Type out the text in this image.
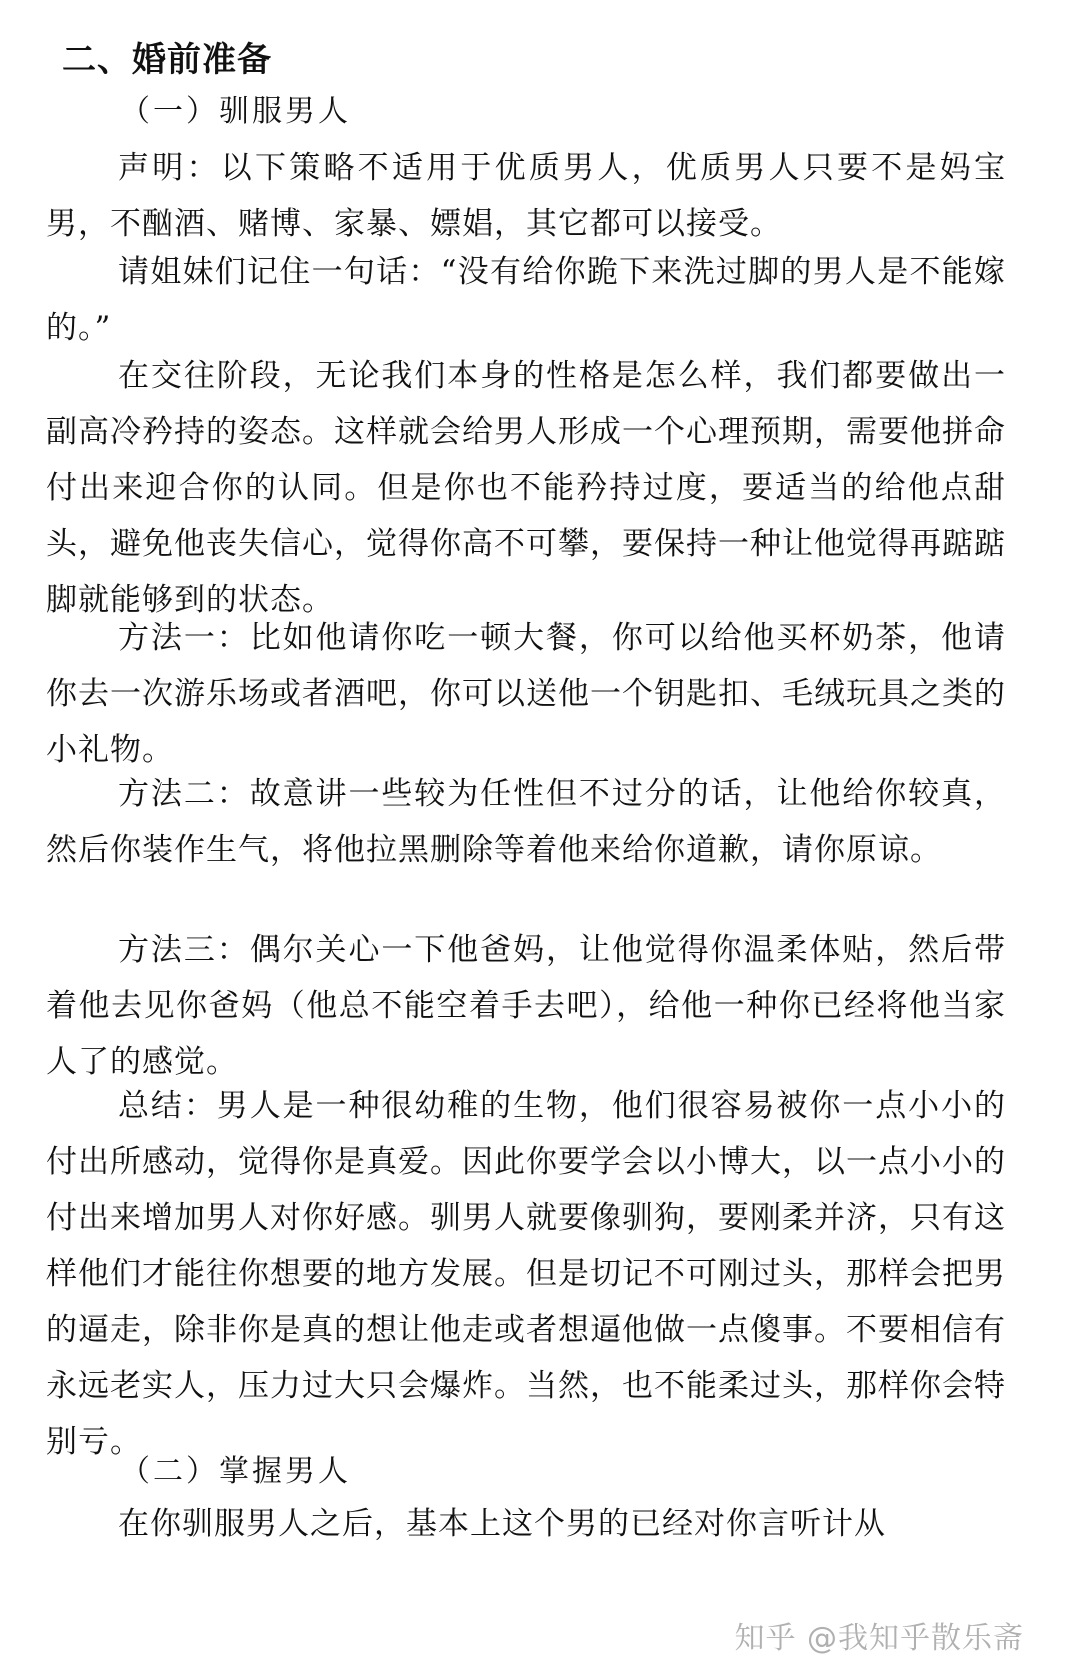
二、婚前准备

（一）驯服男人

声明：以下策略不适用于优质男人，优质男人只要不是妈宝男，不酗酒、赌博、家暴、嫖娼，其它都可以接受。

请姐妹们记住一句话：“没有给你跪下来洗过脚的男人是不能嫁的。”

在交往阶段，无论我们本身的性格是怎么样，我们都要做出一副高冷矜持的姿态。这样就会给男人形成一个心理预期，需要他拼命付出来迎合你的认同。但是你也不能矜持过度，要适当的给他点甜头，避免他丧失信心，觉得你高不可攀，要保持一种让他觉得再踮踮脚就能够到的状态。

方法一：比如他请你吃一顿大餐，你可以给他买杯奶茶，他请你去一次游乐场或者酒吧，你可以送他一个钥匙扣、毛绒玩具之类的小礼物。

方法二：故意讲一些较为任性但不过分的话，让他给你较真，然后你装作生气，将他拉黑删除等着他来给你道歉，请你原谅。

方法三：偶尔关心一下他爸妈，让他觉得你温柔体贴，然后带着他去见你爸妈（他总不能空着手去吧），给他一种你已经将他当家人了的感觉。

总结：男人是一种很幼稚的生物，他们很容易被你一点小小的付出所感动，觉得你是真爱。因此你要学会以小博大，以一点小小的付出来增加男人对你好感。驯男人就要像驯狗，要刚柔并济，只有这样他们才能往你想要的地方发展。但是切记不可刚过头，那样会把男的逼走，除非你是真的想让他走或者想逼他做一点傻事。不要相信有永远老实人，压力过大只会爆炸。当然，也不能柔过头，那样你会特别亏。

（二）掌握男人

在你驯服男人之后，基本上这个男的已经对你言听计从

知乎 @我知乎散乐斋
